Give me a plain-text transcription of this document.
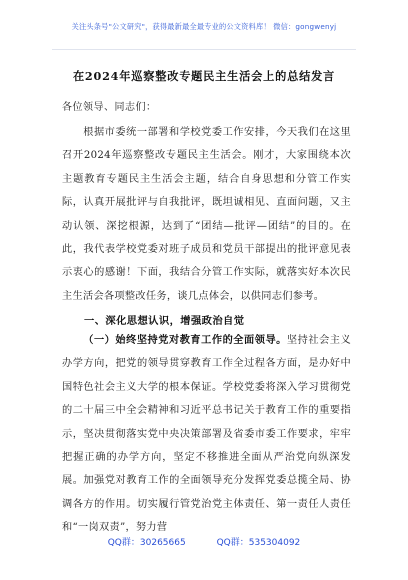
关注头条号"公文研究"，获得最新最全最专业的公文资料库！ 微信：gongwenyj
在2024年巡察整改专题民主生活会上的总结发言
各位领导、同志们：

根据市委统一部署和学校党委工作安排，今天我们在这里召开2024年巡察整改专题民主生活会。刚才，大家围绕本次主题教育专题民主生活会主题，结合自身思想和分管工作实际，认真开展批评与自我批评，既坦诚相见、直面问题，又主动认领、深挖根源，达到了“团结—批评—团结”的目的。在此，我代表学校党委对班子成员和党员干部提出的批评意见表示衷心的感谢！下面，我结合分管工作实际，就落实好本次民主生活会各项整改任务，谈几点体会，以供同志们参考。

一、深化思想认识，增强政治自觉

（一）始终坚持党对教育工作的全面领导。坚持社会主义办学方向，把党的领导贯穿教育工作全过程各方面，是办好中国特色社会主义大学的根本保证。学校党委将深入学习贯彻党的二十届三中全会精神和习近平总书记关于教育工作的重要指示，坚决贯彻落实党中央决策部署及省委市委工作要求，牢牢把握正确的办学方向，坚定不移推进全面从严治党向纵深发展。加强党对教育工作的全面领导充分发挥党委总揽全局、协调各方的作用。切实履行管党治党主体责任、第一责任人责任和“一岗双责”，努力营

QQ群：30265665	QQ群：535304092
